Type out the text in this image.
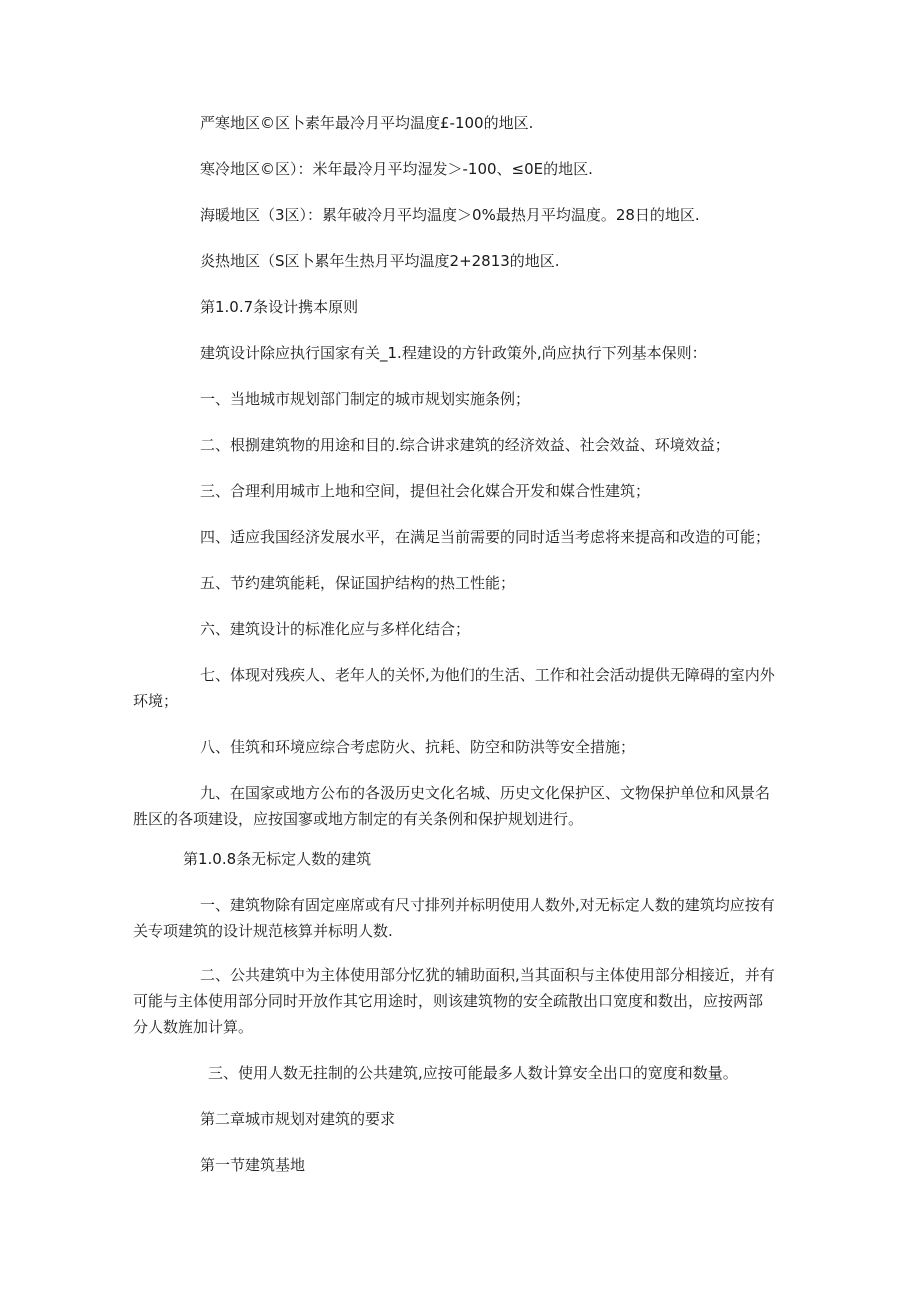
严寒地区©区卜素年最冷月平均温度£-100的地区.

寒冷地区©区）：米年最冷月平均湿发＞-100、≤0E的地区.

海暖地区（3区）：累年破冷月平均温度＞0%最热月平均温度。28日的地区.

炎热地区（S区卜累年生热月平均温度2+2813的地区.

第1.0.7条设计携本原则

建筑设计除应执行国家有关_1.程建设的方针政策外,尚应执行下列基本保则：

一、当地城市规划部门制定的城市规划实施条例；

二、根捌建筑物的用途和目的.综合讲求建筑的经济效益、社会效益、环境效益；

三、合理利用城市上地和空间，提但社会化媒合开发和媒合性建筑；

四、适应我国经济发展水平，在满足当前需要的同时适当考虑将来提高和改造的可能；

五、节约建筑能耗，保证国护结构的热工性能；

六、建筑设计的标准化应与多样化结合；

七、体现对残疾人、老年人的关怀,为他们的生活、工作和社会活动提供无障碍的室内外
环境；

八、佳筑和环境应综合考虑防火、抗耗、防空和防洪等安全措施；

九、在国家或地方公布的各汲历史文化名城、历史文化保护区、文物保护单位和风景名
胜区的各项建设，应按国寥或地方制定的有关条例和保护规划进行。

第1.0.8条无标定人数的建筑

一、建筑物除有固定座席或有尺寸排列并标明使用人数外,对无标定人数的建筑均应按有
关专项建筑的设计规范核算并标明人数.
二、公共建筑中为主体使用部分忆犹的辅助面积,当其面积与主体使用部分相接近，并有
可能与主体使用部分同时开放作其它用途时，则该建筑物的安全疏散出口宽度和数出，应按两部
分人数旌加计算。

三、使用人数无拄制的公共建筑,应按可能最多人数计算安全出口的宽度和数量。

第二章城市规划对建筑的要求

第一节建筑基地
